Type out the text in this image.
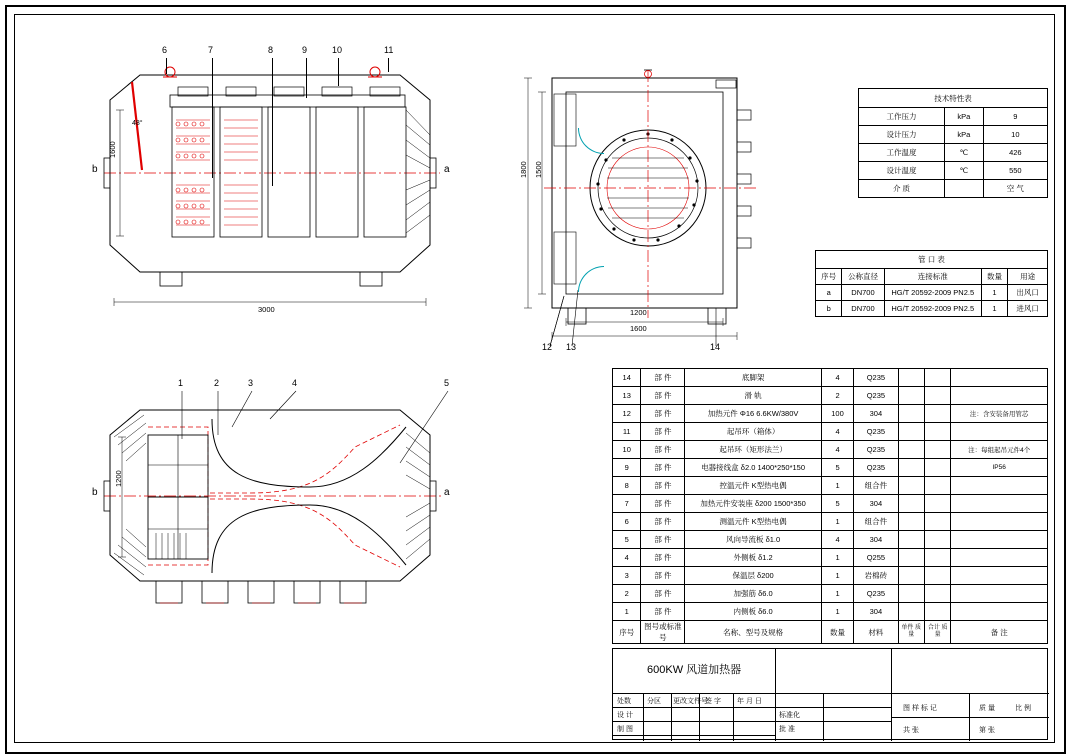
6	7	8	9	10	11
48°
b	a
1600
3000
1800 1500
1200
1600
12 13	14
1	2	3	4	5
1200
b	a
技术特性表		
工作压力	kPa	9
设计压力	kPa	10
工作温度	℃	426
设计温度	℃	550
介 质		空 气
管 口 表				
序号	公称直径	连接标准	数量	用途
a	DN700	HG/T 20592-2009 PN2.5	1	出风口
b	DN700	HG/T 20592-2009 PN2.5	1	进风口
14	部 件	底脚架	4	Q235			
13	部 件	滑 轨	2	Q235			
12	部 件	加热元件 Φ16 6.6KW/380V	100	304			注：含安装备用管芯
11	部 件	起吊环（箱体）	4	Q235			
10	部 件	起吊环（矩形法兰）	4	Q235			注：每组起吊元件4个
9	部 件	电器接线盒 δ2.0 1400*250*150	5	Q235			IP56
8	部 件	控温元件 K型热电偶	1	组合件			
7	部 件	加热元件安装座 δ200 1500*350	5	304			
6	部 件	测温元件 K型热电偶	1	组合件			
5	部 件	风向导流板 δ1.0	4	304			
4	部 件	外侧板 δ1.2	1	Q255			
3	部 件	保温层 δ200	1	岩棉砖			
2	部 件	加强筋 δ6.0	1	Q235			
1	部 件	内侧板 δ6.0	1	304			
序号	图号或标准号	名称、型号及规格	数量	材料	单件 质量	合计 质量	备 注
600KW 风道加热器
处数 分区 更改文件号
签 字 年 月 日
设 计
制 图
标准化
批 准
图 样 标 记	质 量	比 例
共 张	第 张
